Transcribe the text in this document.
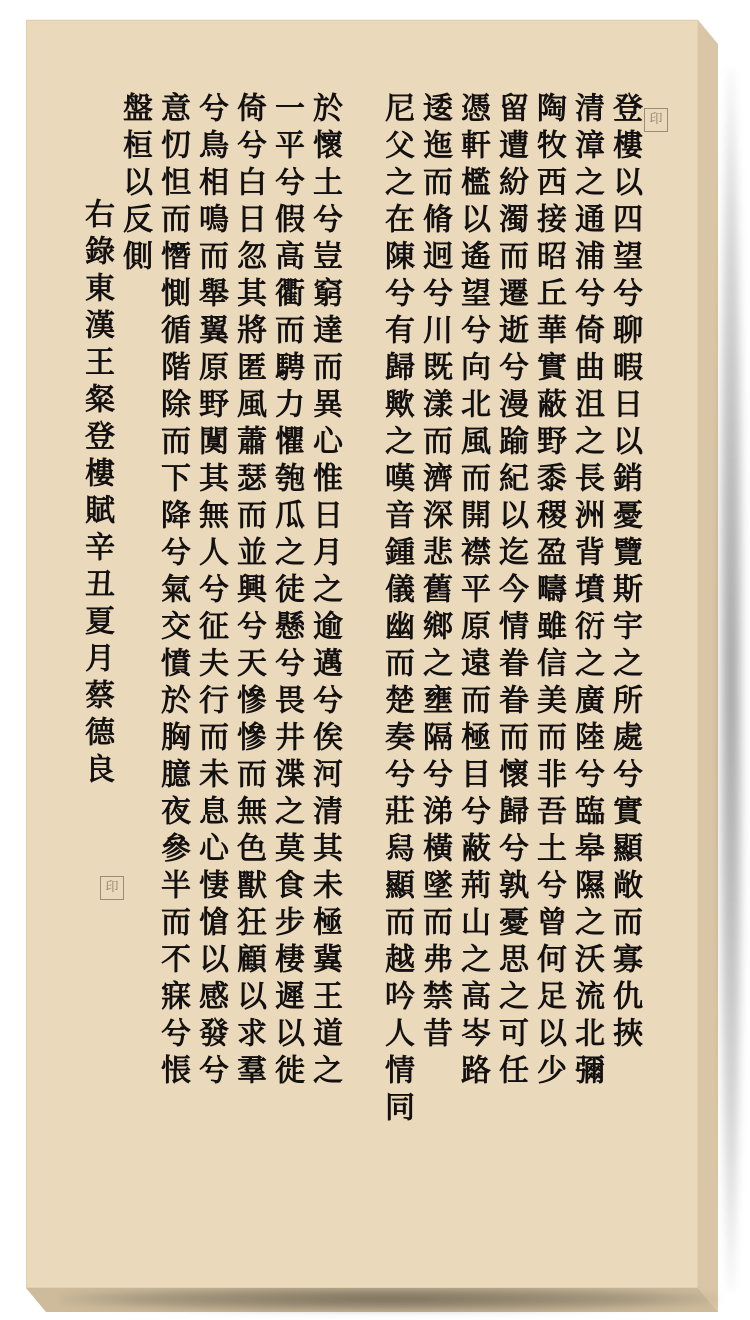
登樓以四望兮聊暇日以銷憂覽斯宇之所處兮實顯敞而寡仇挾
清漳之通浦兮倚曲沮之長洲背墳衍之廣陸兮臨皋隰之沃流北彌
陶牧西接昭丘華實蔽野黍稷盈疇雖信美而非吾土兮曾何足以少
留遭紛濁而遷逝兮漫踰紀以迄今情眷眷而懷歸兮孰憂思之可任
憑軒檻以遙望兮向北風而開襟平原遠而極目兮蔽荊山之高岑路
逶迤而脩迥兮川既漾而濟深悲舊鄉之壅隔兮涕橫墜而弗禁昔
尼父之在陳兮有歸歟之嘆音鍾儀幽而楚奏兮莊舄顯而越吟人情同
於懷土兮豈窮達而異心惟日月之逾邁兮俟河清其未極冀王道之
一平兮假高衢而騁力懼匏瓜之徒懸兮畏井渫之莫食步棲遲以徙
倚兮白日忽其將匿風蕭瑟而並興兮天慘慘而無色獸狂顧以求羣
兮鳥相鳴而舉翼原野闃其無人兮征夫行而未息心悽愴以感發兮
意忉怛而憯惻循階除而下降兮氣交憤於胸臆夜參半而不寐兮悵
盤桓以反側
右錄東漢王粲登樓賦辛丑夏月蔡德良
印
印
